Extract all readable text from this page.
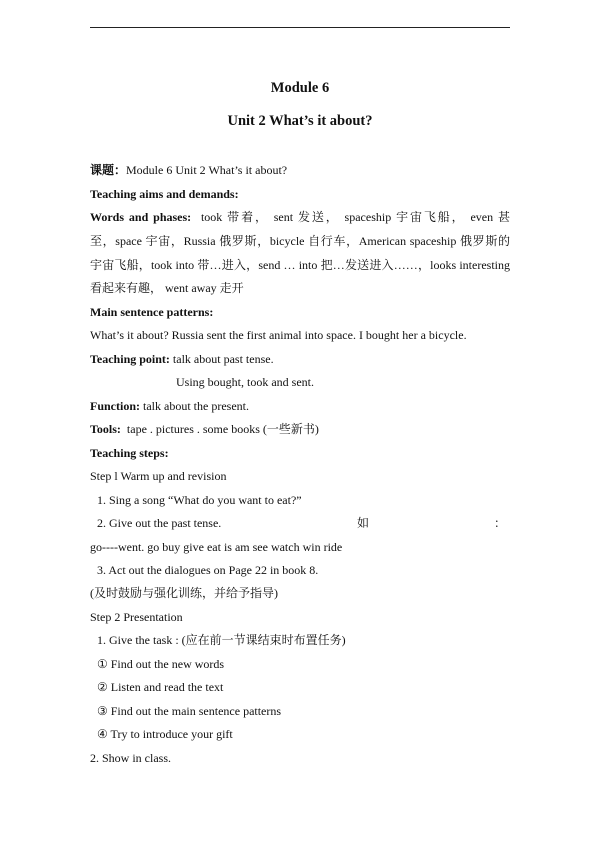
Module 6
Unit 2 What’s it about?
课题：Module 6 Unit 2 What’s it about?
Teaching aims and demands:
Words and phases: took 带着， sent 发送， spaceship 宇宙飞船， even 甚
至，space 宇宙，Russia 俄罗斯，bicycle 自行车，American spaceship 俄罗斯的
宇宙飞船，took into 带…进入，send … into 把…发送进入……，looks interesting
看起来有趣， went away 走开
Main sentence patterns:
What’s it about? Russia sent the first animal into space. I bought her a bicycle.
Teaching point: talk about past tense.
Using bought, took and sent.
Function: talk about the present.
Tools: tape . pictures . some books (一些新书)
Teaching steps:
Step l Warm up and revision
1. Sing a song “What do you want to eat?”
2. Give out the past tense.	如	：
go----went. go buy give eat is am see watch win ride
3. Act out the dialogues on Page 22 in book 8.
(及时鼓励与强化训练，并给予指导)
Step 2 Presentation
1. Give the task : (应在前一节课结束时布置任务)
① Find out the new words
② Listen and read the text
③ Find out the main sentence patterns
④ Try to introduce your gift
2. Show in class.
